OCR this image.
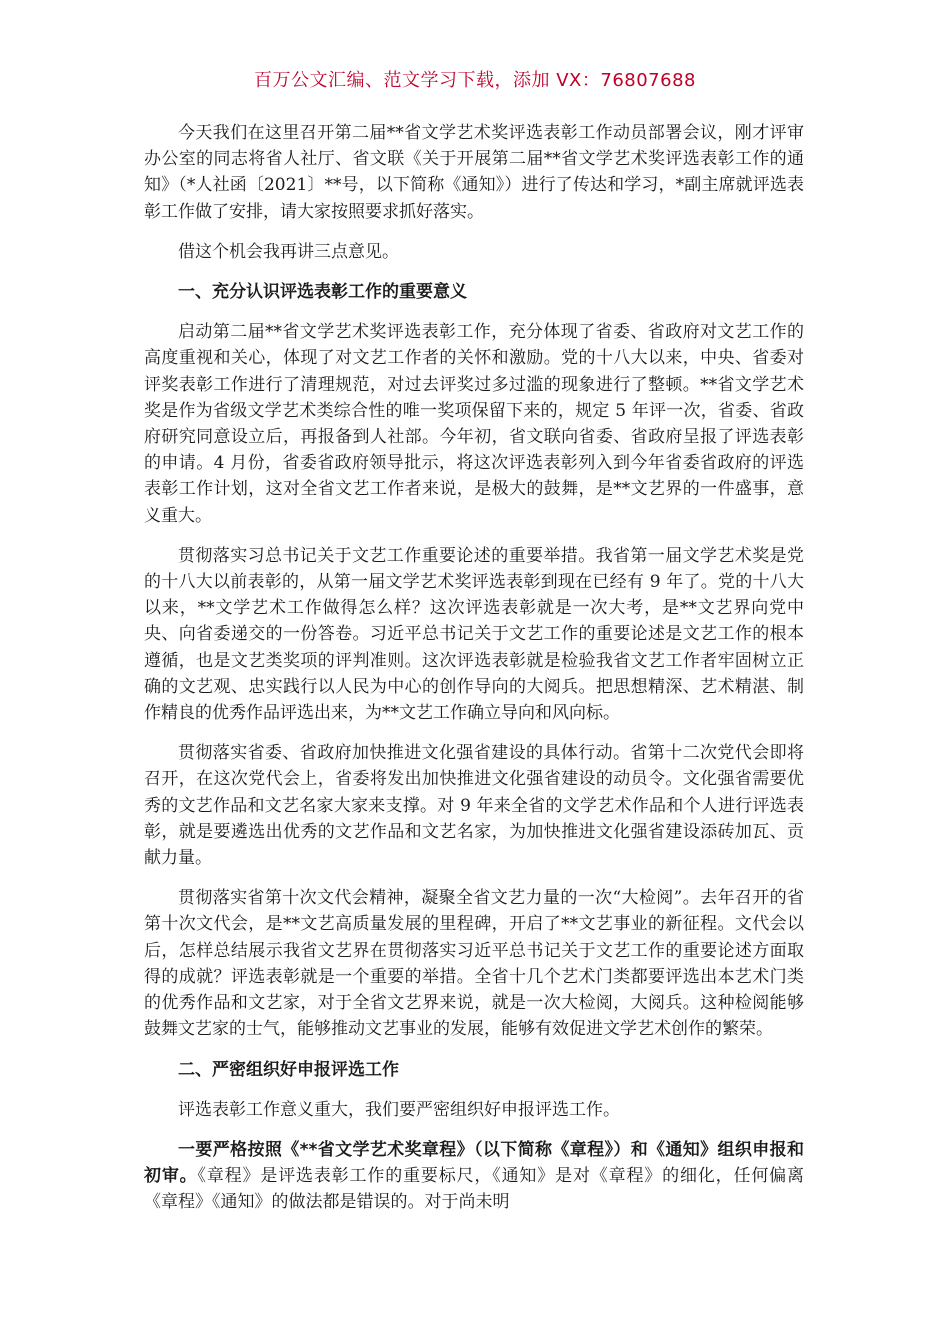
百万公文汇编、范文学习下载，添加 VX：76807688

今天我们在这里召开第二届**省文学艺术奖评选表彰工作动员部署会议，刚才评审办公室的同志将省人社厅、省文联《关于开展第二届**省文学艺术奖评选表彰工作的通知》（*人社函〔2021〕**号，以下简称《通知》）进行了传达和学习，*副主席就评选表彰工作做了安排，请大家按照要求抓好落实。

借这个机会我再讲三点意见。

一、充分认识评选表彰工作的重要意义

启动第二届**省文学艺术奖评选表彰工作，充分体现了省委、省政府对文艺工作的高度重视和关心，体现了对文艺工作者的关怀和激励。党的十八大以来，中央、省委对评奖表彰工作进行了清理规范，对过去评奖过多过滥的现象进行了整顿。**省文学艺术奖是作为省级文学艺术类综合性的唯一奖项保留下来的，规定 5 年评一次，省委、省政府研究同意设立后，再报备到人社部。今年初，省文联向省委、省政府呈报了评选表彰的申请。4 月份，省委省政府领导批示，将这次评选表彰列入到今年省委省政府的评选表彰工作计划，这对全省文艺工作者来说，是极大的鼓舞，是**文艺界的一件盛事，意义重大。

贯彻落实习总书记关于文艺工作重要论述的重要举措。我省第一届文学艺术奖是党的十八大以前表彰的，从第一届文学艺术奖评选表彰到现在已经有 9 年了。党的十八大以来，**文学艺术工作做得怎么样？这次评选表彰就是一次大考，是**文艺界向党中央、向省委递交的一份答卷。习近平总书记关于文艺工作的重要论述是文艺工作的根本遵循，也是文艺类奖项的评判准则。这次评选表彰就是检验我省文艺工作者牢固树立正确的文艺观、忠实践行以人民为中心的创作导向的大阅兵。把思想精深、艺术精湛、制作精良的优秀作品评选出来，为**文艺工作确立导向和风向标。

贯彻落实省委、省政府加快推进文化强省建设的具体行动。省第十二次党代会即将召开，在这次党代会上，省委将发出加快推进文化强省建设的动员令。文化强省需要优秀的文艺作品和文艺名家大家来支撑。对 9 年来全省的文学艺术作品和个人进行评选表彰，就是要遴选出优秀的文艺作品和文艺名家，为加快推进文化强省建设添砖加瓦、贡献力量。

贯彻落实省第十次文代会精神，凝聚全省文艺力量的一次“大检阅”。去年召开的省第十次文代会，是**文艺高质量发展的里程碑，开启了**文艺事业的新征程。文代会以后，怎样总结展示我省文艺界在贯彻落实习近平总书记关于文艺工作的重要论述方面取得的成就？评选表彰就是一个重要的举措。全省十几个艺术门类都要评选出本艺术门类的优秀作品和文艺家，对于全省文艺界来说，就是一次大检阅，大阅兵。这种检阅能够鼓舞文艺家的士气，能够推动文艺事业的发展，能够有效促进文学艺术创作的繁荣。

二、严密组织好申报评选工作

评选表彰工作意义重大，我们要严密组织好申报评选工作。

一要严格按照《**省文学艺术奖章程》（以下简称《章程》）和《通知》组织申报和初审。《章程》是评选表彰工作的重要标尺，《通知》是对《章程》的细化，任何偏离《章程》《通知》的做法都是错误的。对于尚未明
